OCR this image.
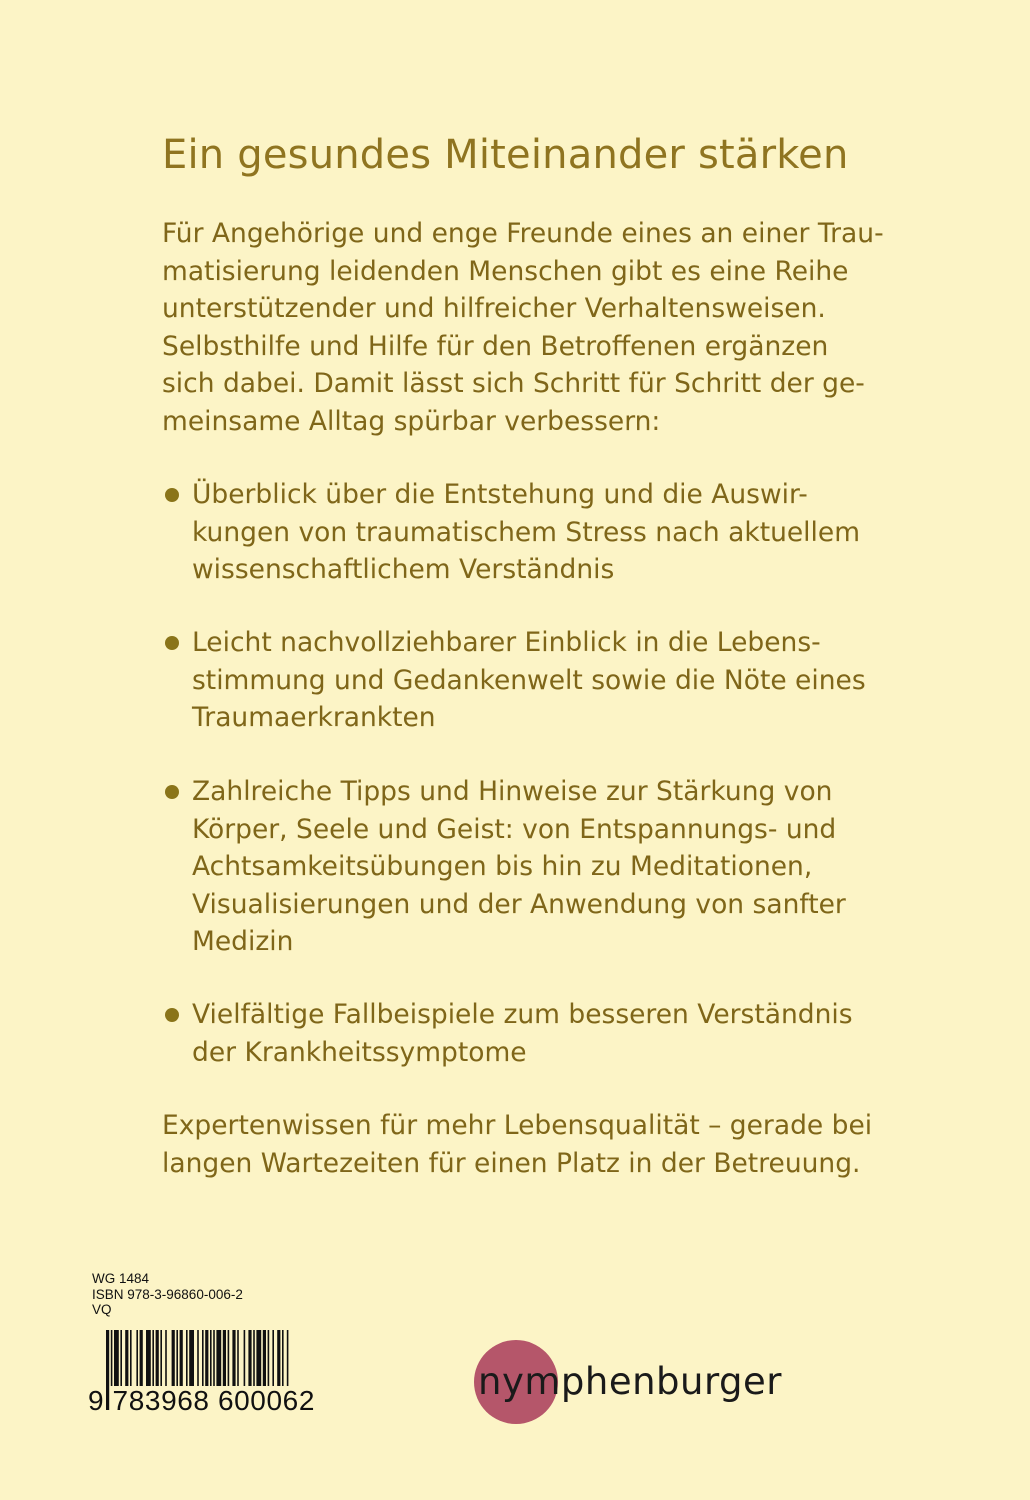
Ein gesundes Miteinander stärken
Für Angehörige und enge Freunde eines an einer Trau-
matisierung leidenden Menschen gibt es eine Reihe
unterstützender und hilfreicher Verhaltensweisen.
Selbsthilfe und Hilfe für den Betroffenen ergänzen
sich dabei. Damit lässt sich Schritt für Schritt der ge-
meinsame Alltag spürbar verbessern:
Überblick über die Entstehung und die Auswir-
kungen von traumatischem Stress nach aktuellem
wissenschaftlichem Verständnis
Leicht nachvollziehbarer Einblick in die Lebens-
stimmung und Gedankenwelt sowie die Nöte eines
Traumaerkrankten
Zahlreiche Tipps und Hinweise zur Stärkung von
Körper, Seele und Geist: von Entspannungs- und
Achtsamkeitsübungen bis hin zu Meditationen,
Visualisierungen und der Anwendung von sanfter
Medizin
Vielfältige Fallbeispiele zum besseren Verständnis
der Krankheitssymptome
Expertenwissen für mehr Lebensqualität – gerade bei
langen Wartezeiten für einen Platz in der Betreuung.
WG 1484
ISBN 978-3-96860-006-2
VQ
9 783968 600062	nymphenburger
